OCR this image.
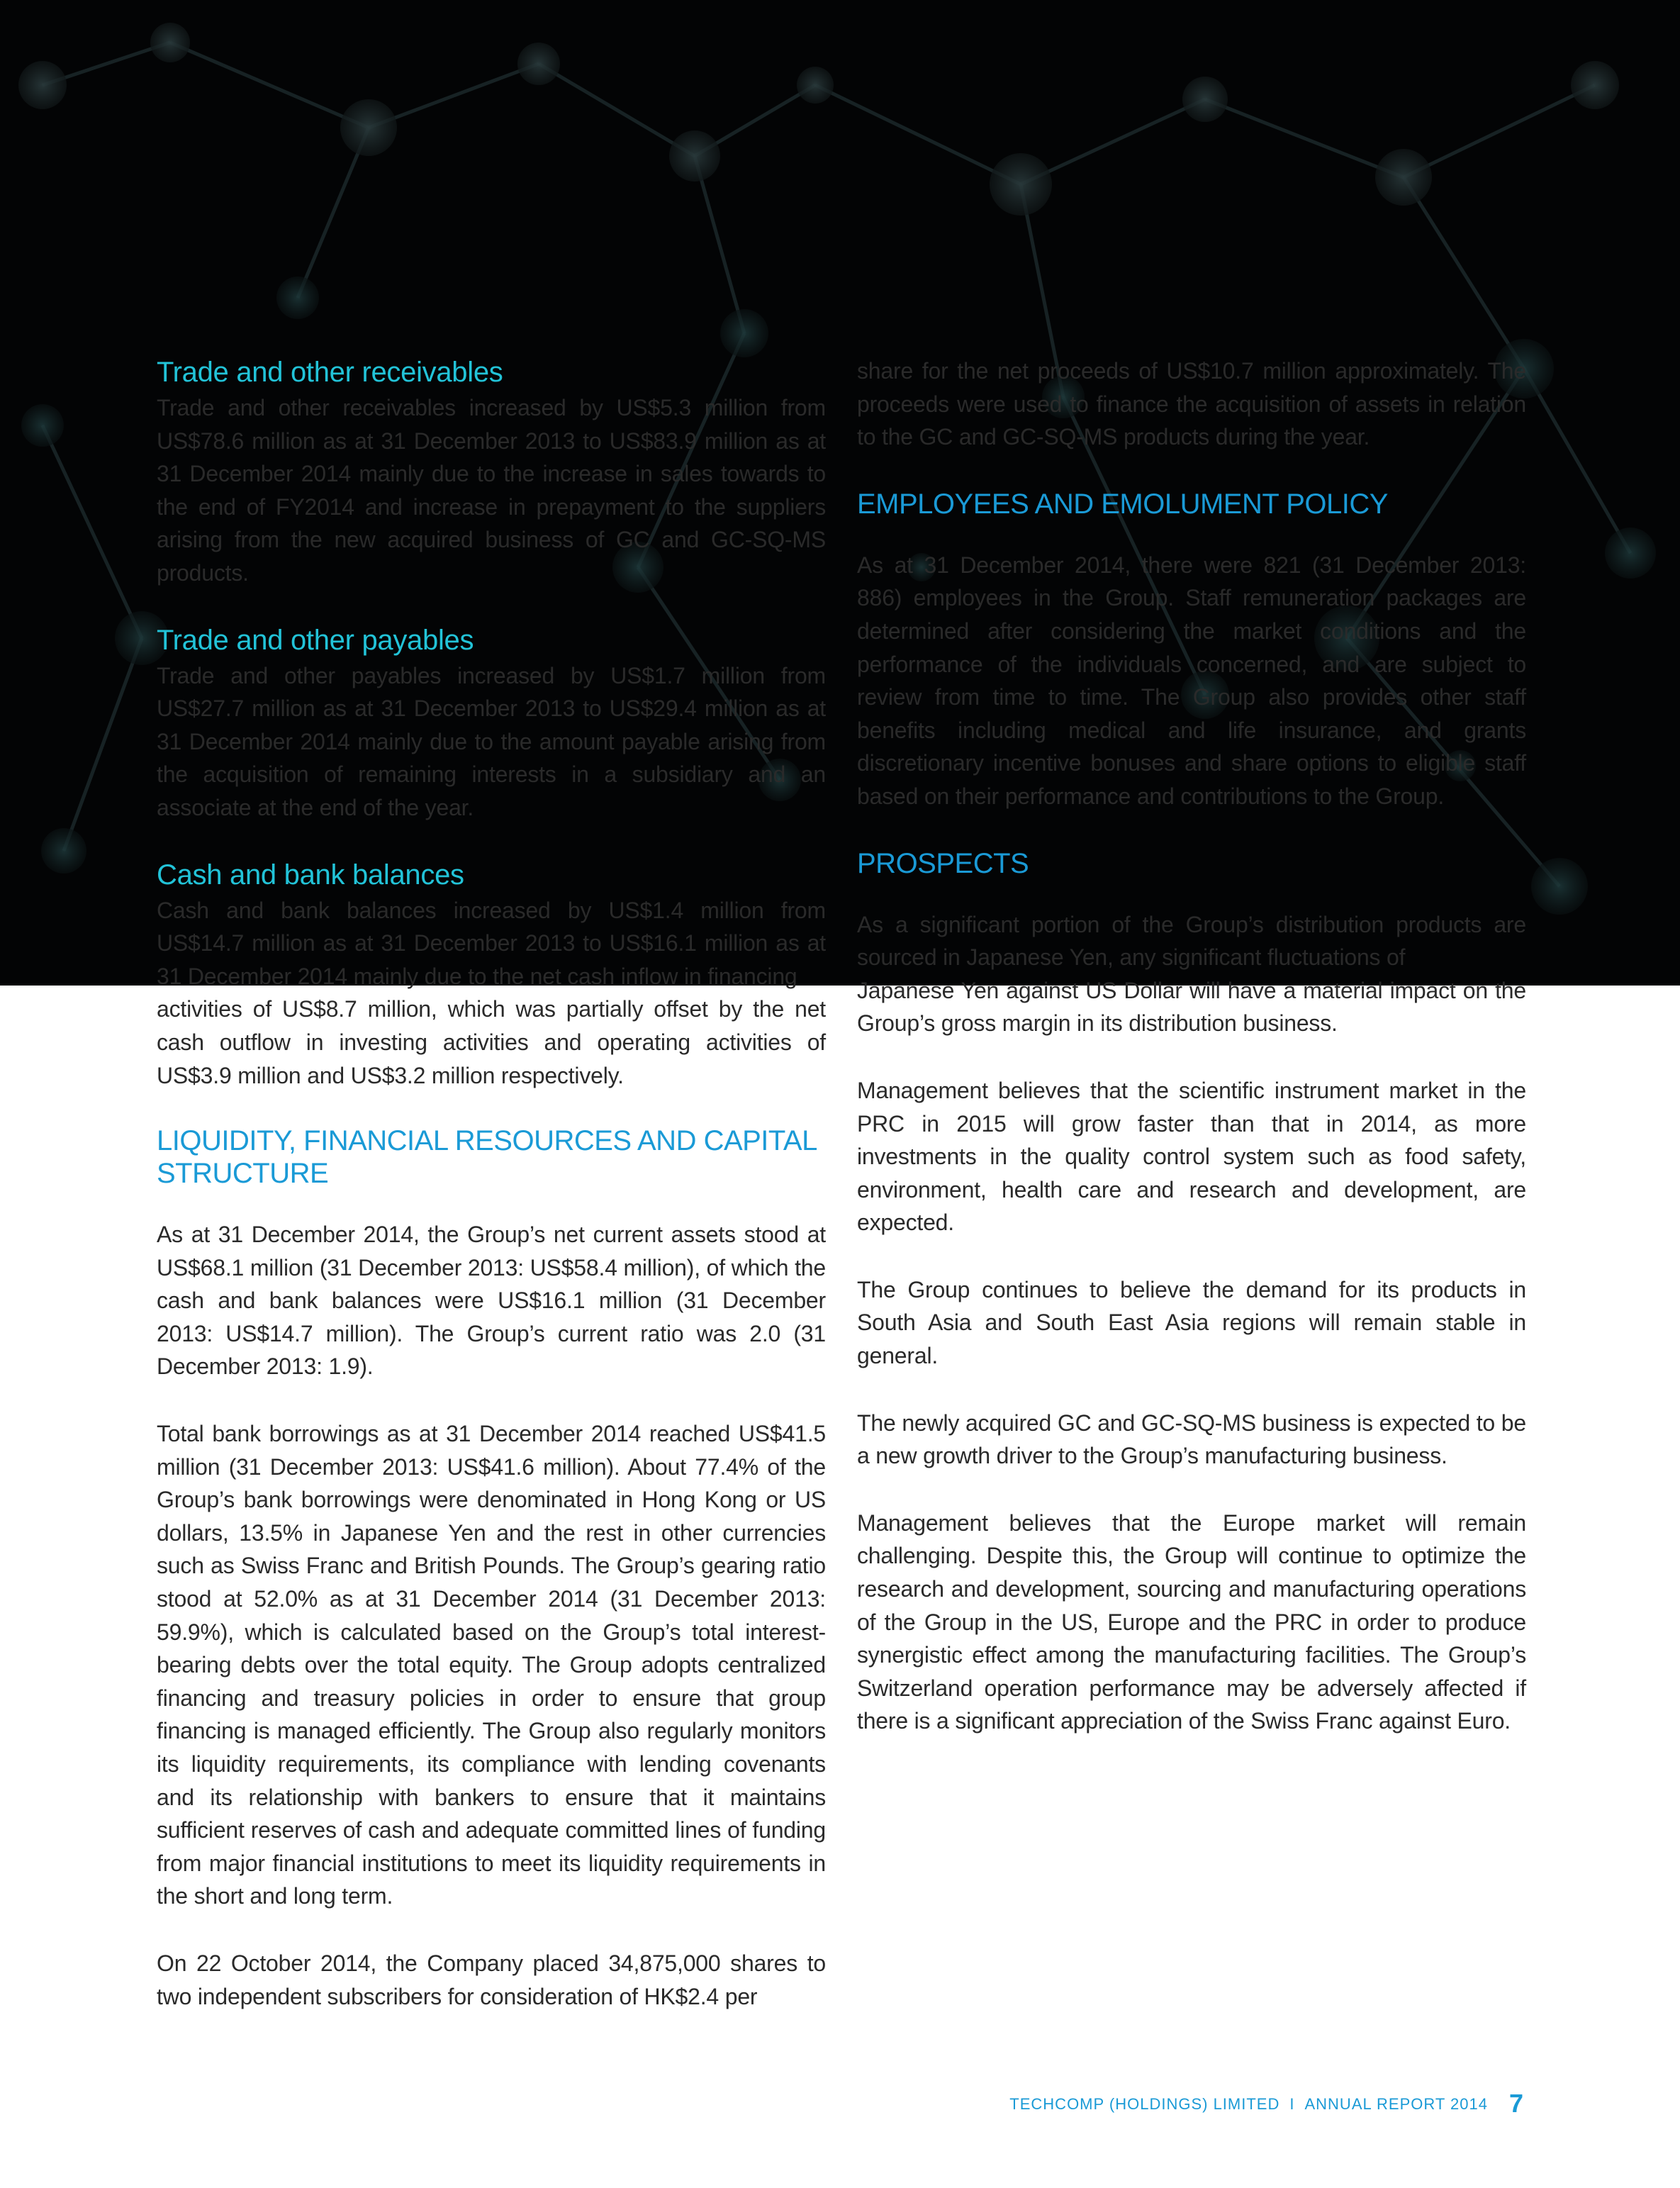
Trade and other receivables

Trade and other receivables increased by US$5.3 million from US$78.6 million as at 31 December 2013 to US$83.9 million as at 31 December 2014 mainly due to the increase in sales towards to the end of FY2014 and increase in prepayment to the suppliers arising from the new acquired business of GC and GC-SQ-MS products.

Trade and other payables

Trade and other payables increased by US$1.7 million from US$27.7 million as at 31 December 2013 to US$29.4 million as at 31 December 2014 mainly due to the amount payable arising from the acquisition of remaining interests in a subsidiary and an associate at the end of the year.

Cash and bank balances

Cash and bank balances increased by US$1.4 million from US$14.7 million as at 31 December 2013 to US$16.1 million as at 31 December 2014 mainly due to the net cash inflow in financing

activities of US$8.7 million, which was partially offset by the net cash outflow in investing activities and operating activities of US$3.9 million and US$3.2 million respectively.

LIQUIDITY, FINANCIAL RESOURCES AND CAPITAL STRUCTURE

As at 31 December 2014, the Group’s net current assets stood at US$68.1 million (31 December 2013: US$58.4 million), of which the cash and bank balances were US$16.1 million (31 December 2013: US$14.7 million). The Group’s current ratio was 2.0 (31 December 2013: 1.9).

Total bank borrowings as at 31 December 2014 reached US$41.5 million (31 December 2013: US$41.6 million). About 77.4% of the Group’s bank borrowings were denominated in Hong Kong or US dollars, 13.5% in Japanese Yen and the rest in other currencies such as Swiss Franc and British Pounds. The Group’s gearing ratio stood at 52.0% as at 31 December 2014 (31 December 2013: 59.9%), which is calculated based on the Group’s total interest-bearing debts over the total equity. The Group adopts centralized financing and treasury policies in order to ensure that group financing is managed efficiently. The Group also regularly monitors its liquidity requirements, its compliance with lending covenants and its relationship with bankers to ensure that it maintains sufficient reserves of cash and adequate committed lines of funding from major financial institutions to meet its liquidity requirements in the short and long term.

On 22 October 2014, the Company placed 34,875,000 shares to two independent subscribers for consideration of HK$2.4 per

share for the net proceeds of US$10.7 million approximately. The proceeds were used to finance the acquisition of assets in relation to the GC and GC-SQ-MS products during the year.

EMPLOYEES AND EMOLUMENT POLICY

As at 31 December 2014, there were 821 (31 December 2013: 886) employees in the Group. Staff remuneration packages are determined after considering the market conditions and the performance of the individuals concerned, and are subject to review from time to time. The Group also provides other staff benefits including medical and life insurance, and grants discretionary incentive bonuses and share options to eligible staff based on their performance and contributions to the Group.

PROSPECTS

As a significant portion of the Group’s distribution products are sourced in Japanese Yen, any significant fluctuations of

Japanese Yen against US Dollar will have a material impact on the Group’s gross margin in its distribution business.

Management believes that the scientific instrument market in the PRC in 2015 will grow faster than that in 2014, as more investments in the quality control system such as food safety, environment, health care and research and development, are expected.

The Group continues to believe the demand for its products in South Asia and South East Asia regions will remain stable in general.

The newly acquired GC and GC-SQ-MS business is expected to be a new growth driver to the Group’s manufacturing business.

Management believes that the Europe market will remain challenging. Despite this, the Group will continue to optimize the research and development, sourcing and manufacturing operations of the Group in the US, Europe and the PRC in order to produce synergistic effect among the manufacturing facilities. The Group’s Switzerland operation performance may be adversely affected if there is a significant appreciation of the Swiss Franc against Euro.

TECHCOMP (HOLDINGS) LIMITED I ANNUAL REPORT 2014 7
